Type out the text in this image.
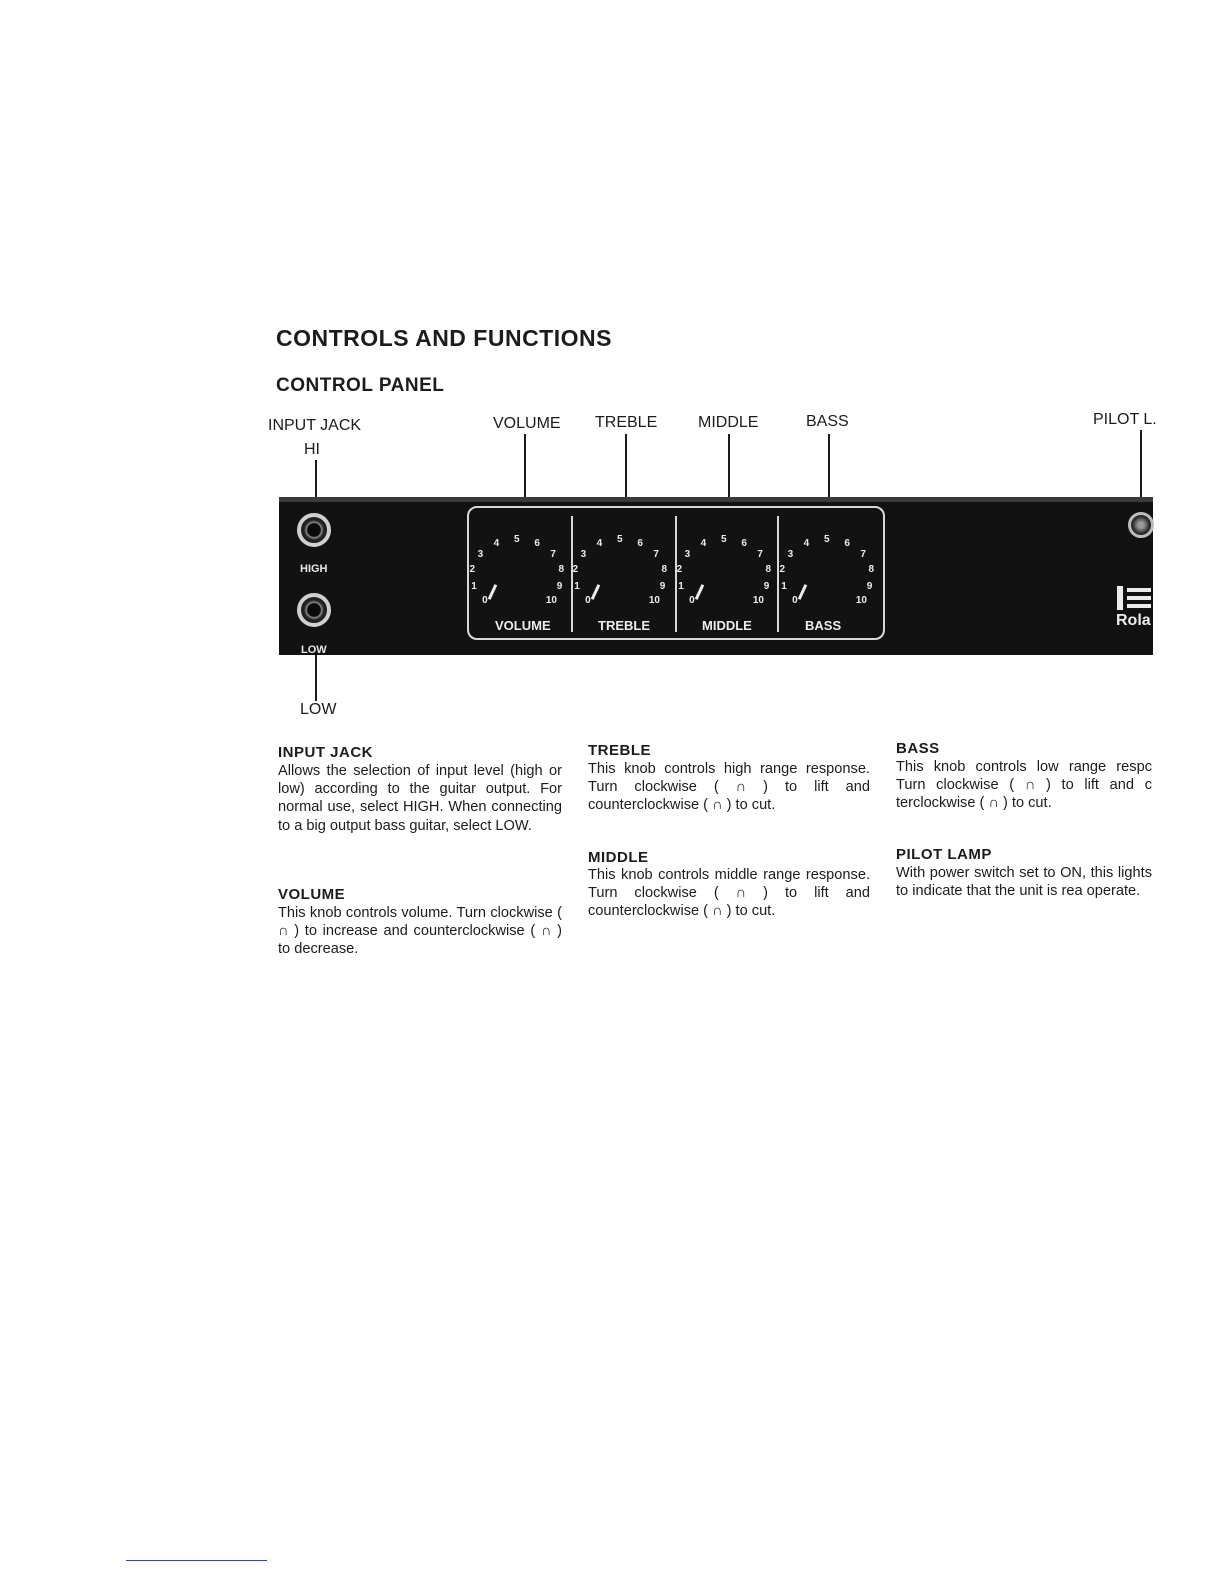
CONTROLS AND FUNCTIONS
CONTROL PANEL
INPUT JACK
HI
VOLUME TREBLE	MIDDLE	BASS	PILOT L.
LOW
HIGH
LOW
0
1
2
3
4 5 6
7
8
9
10
VOLUME
0
1
2
3
4 5 6
7
8
9
10
TREBLE
0
1
2
3
4 5 6
7
8
9
10
MIDDLE
0
1
2
3
4 5 6
7
8
9
10
BASS	Rola
INPUT JACK
Allows the selection of input level (high or low) according to the guitar output. For normal use, select HIGH. When connecting to a big output bass guitar, select LOW.
VOLUME
This knob controls volume. Turn clockwise ( ∩ ) to increase and counterclockwise ( ∩ ) to decrease.
TREBLE
This knob controls high range response. Turn clockwise ( ∩ ) to lift and counterclockwise ( ∩ ) to cut.
MIDDLE
This knob controls middle range response. Turn clockwise ( ∩ ) to lift and counterclockwise ( ∩ ) to cut.
BASS
This knob controls low range respc Turn clockwise ( ∩ ) to lift and c terclockwise ( ∩ ) to cut.
PILOT LAMP
With power switch set to ON, this lights to indicate that the unit is rea operate.
